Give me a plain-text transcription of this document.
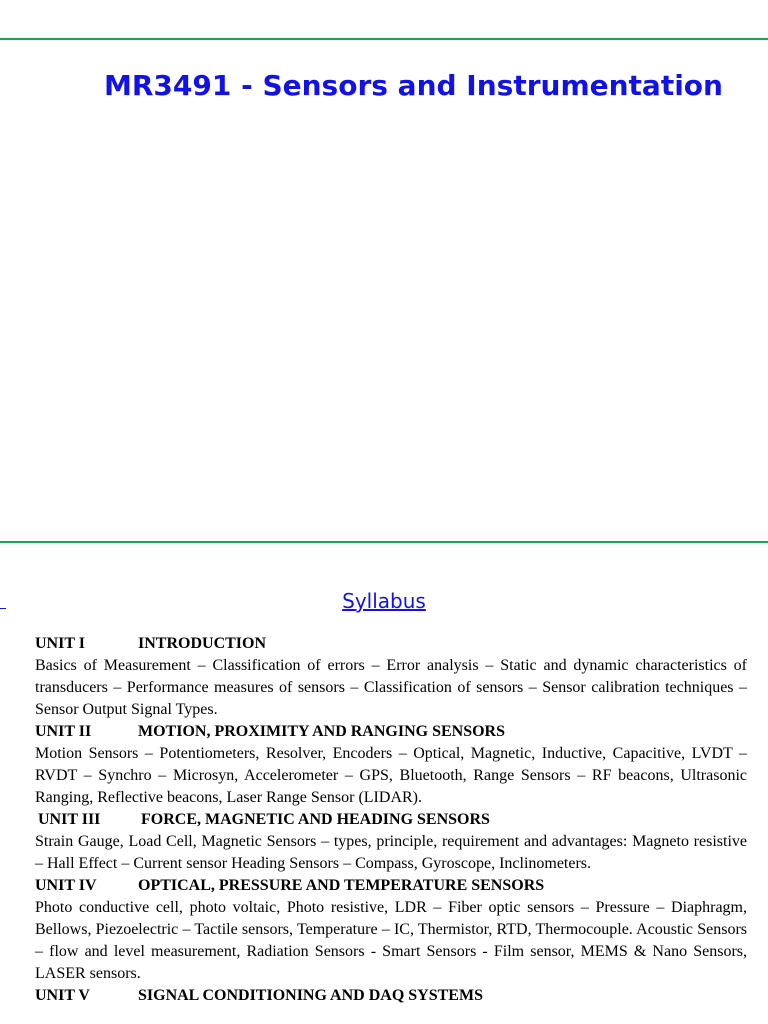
MR3491 - Sensors and Instrumentation
Syllabus

UNIT I	INTRODUCTION

Basics of Measurement – Classification of errors – Error analysis – Static and dynamic characteristics of transducers – Performance measures of sensors – Classification of sensors – Sensor calibration techniques – Sensor Output Signal Types.

UNIT II	MOTION, PROXIMITY AND RANGING SENSORS

Motion Sensors – Potentiometers, Resolver, Encoders – Optical, Magnetic, Inductive, Capacitive, LVDT – RVDT – Synchro – Microsyn, Accelerometer – GPS, Bluetooth, Range Sensors – RF beacons, Ultrasonic Ranging, Reflective beacons, Laser Range Sensor (LIDAR).

UNIT III	FORCE, MAGNETIC AND HEADING SENSORS

Strain Gauge, Load Cell, Magnetic Sensors – types, principle, requirement and advantages: Magneto resistive – Hall Effect – Current sensor Heading Sensors – Compass, Gyroscope, Inclinometers.

UNIT IV	OPTICAL, PRESSURE AND TEMPERATURE SENSORS

Photo conductive cell, photo voltaic, Photo resistive, LDR – Fiber optic sensors – Pressure – Diaphragm, Bellows, Piezoelectric – Tactile sensors, Temperature – IC, Thermistor, RTD, Thermocouple. Acoustic Sensors – flow and level measurement, Radiation Sensors - Smart Sensors - Film sensor, MEMS & Nano Sensors, LASER sensors.

UNIT V	SIGNAL CONDITIONING AND DAQ SYSTEMS
